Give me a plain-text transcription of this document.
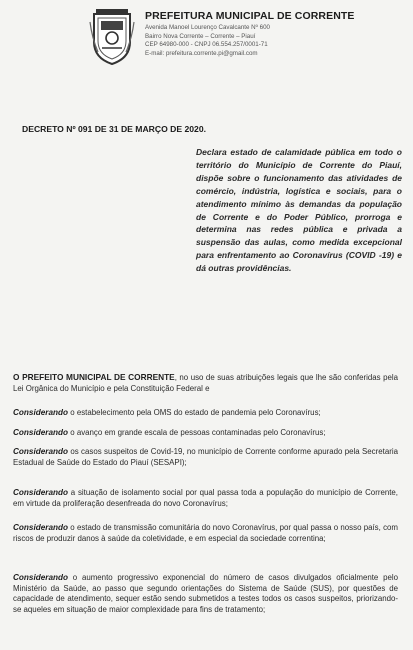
PREFEITURA MUNICIPAL DE CORRENTE
Avenida Manoel Lourenço Cavalcante Nº 600
Bairro Nova Corrente – Corrente – Piauí
CEP 64980-000 - CNPJ 06.554.257/0001-71
E-mail: prefeitura.corrente.pi@gmail.com
DECRETO Nº 091 DE 31 DE MARÇO DE 2020.
Declara estado de calamidade pública em todo o território do Município de Corrente do Piauí, dispõe sobre o funcionamento das atividades de comércio, indústria, logística e sociais, para o atendimento mínimo às demandas da população de Corrente e do Poder Público, prorroga e determina nas redes pública e privada a suspensão das aulas, como medida excepcional para enfrentamento ao Coronavírus (COVID -19) e dá outras providências.
O PREFEITO MUNICIPAL DE CORRENTE, no uso de suas atribuições legais que lhe são conferidas pela Lei Orgânica do Município e pela Constituição Federal e
Considerando o estabelecimento pela OMS do estado de pandemia pelo Coronavírus;
Considerando o avanço em grande escala de pessoas contaminadas pelo Coronavírus;
Considerando os casos suspeitos de Covid-19, no município de Corrente conforme apurado pela Secretaria Estadual de Saúde do Estado do Piauí (SESAPI);
Considerando a situação de isolamento social por qual passa toda a população do município de Corrente, em virtude da proliferação desenfreada do novo Coronavírus;
Considerando o estado de transmissão comunitária do novo Coronavírus, por qual passa o nosso país, com riscos de produzir danos à saúde da coletividade, e em especial da sociedade correntina;
Considerando o aumento progressivo exponencial do número de casos divulgados oficialmente pelo Ministério da Saúde, ao passo que segundo orientações do Sistema de Saúde (SUS), por questões de capacidade de atendimento, sequer estão sendo submetidos a testes todos os casos suspeitos, priorizando-se aqueles em situação de maior complexidade para fins de tratamento;
